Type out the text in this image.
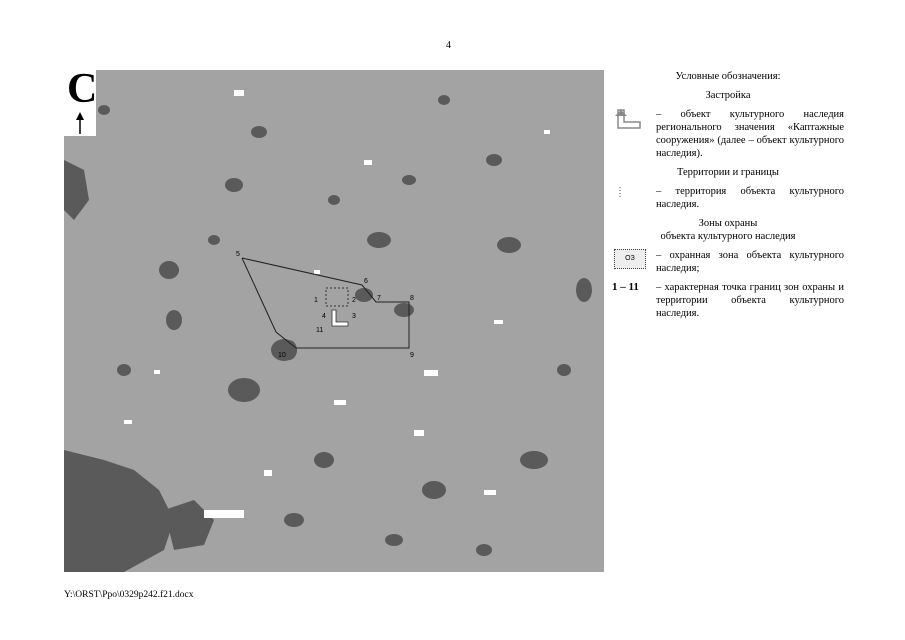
4
5
6
7	8
9
10
1	2
3
4
11
С	Условные обозначения:
Застройка
– объект культурного наследия регионального значения «Каптажные сооружения» (далее – объект культурного наследия).
Территории и границы
– территория объекта культурного наследия.
Зоны охраны
объекта культурного наследия
ОЗ	– охранная зона объекта культурного наследия;
1 – 11	– характерная точка границ зон охраны и территории объекта культурного наследия.
Y:\ORST\Ppo\0329p242.f21.docx
